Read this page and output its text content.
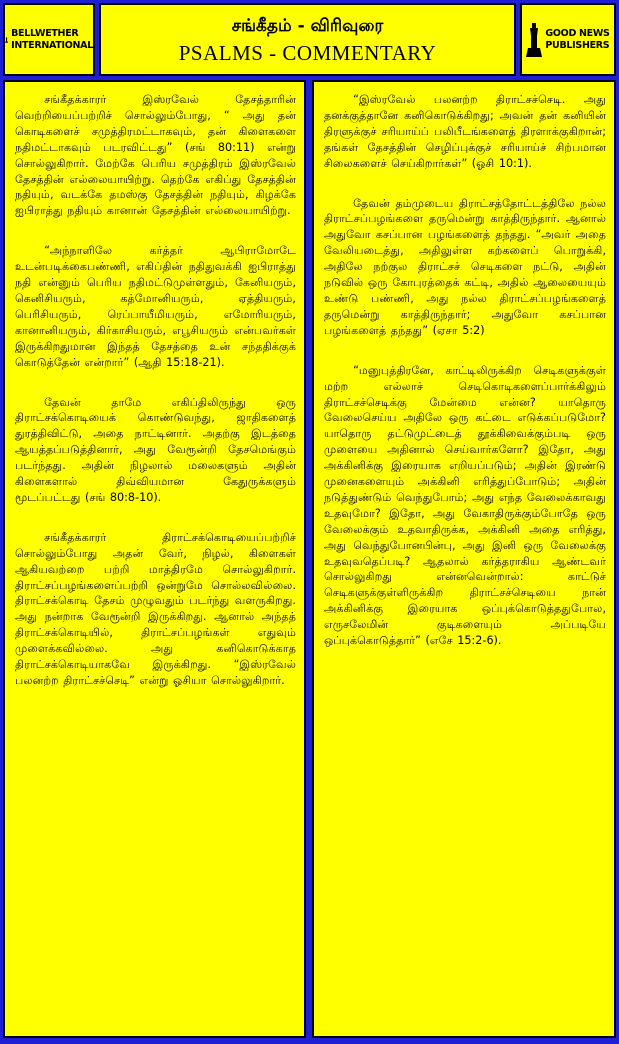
BELLWETHER
INTERNATIONAL
சங்கீதம் - விரிவுரை
PSALMS - COMMENTARY
GOOD NEWS
PUBLISHERS

சங்கீதக்காரர் இஸ்ரவேல் தேசத்தாரின் வெற்றியைப்பற்றிச் சொல்லும்போது, “ அது தன் கொடிகளைச் சமுத்திரமட்டாகவும், தன் கிளைகளை நதிமட்டாகவும் படரவிட்டது” (சங் 80:11) என்று சொல்லுகிறார். மேற்கே பெரிய சமுத்திரம் இஸ்ரவேல் தேசத்தின் எல்லையாயிற்று. தெற்கே எகிப்து தேசத்தின் நதியும், வடக்கே தமஸ்கு தேசத்தின் நதியும், கிழக்கே ஐபிராத்து நதியும் கானான் தேசத்தின் எல்லையாயிற்று.

“அந்நாளிலே கர்த்தர் ஆபிராமோடே உடன்படிக்கைபண்ணி, எகிப்தின் நதிதுவக்கி ஐபிராத்து நதி என்னும் பெரிய நதிமட்டுமுள்ளதும், கேனியரும், கெனிசியரும், கத்மோனியரும், ஏத்தியரும், பெரிசியரும், ரெப்பாயீமியரும், எமோரியரும், கானானியரும், கிர்காசியரும், எபூசியரும் என்பவர்கள் இருக்கிறதுமான இந்தத் தேசத்தை உன் சந்ததிக்குக் கொடுத்தேன் என்றார்” (ஆதி 15:18-21).

தேவன் தாமே எகிப்திலிருந்து ஒரு திராட்சக்கொடியைக் கொண்டுவந்து, ஜாதிகளைத் துரத்திவிட்டு, அதை நாட்டினார். அதற்கு இடத்தை ஆயத்தப்படுத்தினார், அது வேரூன்றி தேசமெங்கும் படர்ந்தது. அதின் நிழலால் மலைகளும் அதின் கிளைகளால் திவ்வியமான கேதுருக்களும் மூடப்பட்டது (சங் 80:8-10).

சங்கீதக்காரர் திராட்சக்கொடியைப்பற்றிச் சொல்லும்போது அதன் வேர், நிழல், கிளைகள் ஆகியவற்றை பற்றி மாத்திரமே சொல்லுகிறார். திராட்சப்பழங்களைப்பற்றி ஒன்றுமே சொல்லவில்லை. திராட்சக்கொடி தேசம் முழுவதும் படர்ந்து வளருகிறது. அது நன்றாக வேரூன்றி இருக்கிறது. ஆனால் அந்தத் திராட்சக்கொடியில், திராட்சப்பழங்கள் எதுவும் முளைக்கவில்லை. அது கனிகொடுக்காத திராட்சக்கொடியாகவே இருக்கிறது. “இஸ்ரவேல் பலனற்ற திராட்சச்செடி” என்று ஓசியா சொல்லுகிறார்.

“இஸ்ரவேல் பலனற்ற திராட்சச்செடி. அது தனக்குத்தானே கனிகொடுக்கிறது; அவன் தன் கனியின் திரளுக்குச் சரியாய்ப் பலிபீடங்களைத் திரளாக்குகிறான்; தங்கள் தேசத்தின் செழிப்புக்குச் சரியாய்ச் சிற்பமான சிலைகளைச் செய்கிறார்கள்” (ஓசி 10:1).

தேவன் தம்முடைய திராட்சத்தோட்டத்திலே நல்ல திராட்சப்பழங்களை தருமென்று காத்திருந்தார். ஆனால் அதுவோ கசப்பான பழங்களைத் தந்தது. “அவர் அதை வேலியடைத்து, அதிலுள்ள கற்களைப் பொறுக்கி, அதிலே நற்குல திராட்சச் செடிகளை நட்டு, அதின் நடுவில் ஒரு கோபுரத்தைக் கட்டி, அதில் ஆலையையும் உண்டு பண்ணி, அது நல்ல திராட்சப்பழங்களைத் தருமென்று காத்திருந்தார்; அதுவோ கசப்பான பழங்களைத் தந்தது” (ஏசா 5:2)

“மனுபுத்திரனே, காட்டிலிருக்கிற செடிகளுக்குள் மற்ற எல்லாச் செடிகொடிகளைப்பார்க்கிலும் திராட்சச்செடிக்கு மேன்மை என்ன? யாதொரு வேலைசெய்ய அதிலே ஒரு கட்டை எடுக்கப்படுமோ? யாதொரு தட்டுமுட்டைத் தூக்கிவைக்கும்படி ஒரு முளையை அதினால் செய்வார்களோ? இதோ, அது அக்கினிக்கு இரையாக எறியப்படும்; அதின் இரண்டு முனைகளையும் அக்கினி எரித்துப்போடும்; அதின் நடுத்துண்டும் வெந்துபோம்; அது எந்த வேலைக்காவது உதவுமோ? இதோ, அது வேகாதிருக்கும்போதே ஒரு வேலைக்கும் உதவாதிருக்க, அக்கினி அதை எரித்து, அது வெந்துபோனபின்பு, அது இனி ஒரு வேலைக்கு உதவுவதெப்படி? ஆதலால் கர்த்தராகிய ஆண்டவர் சொல்லுகிறது என்னவென்றால்: காட்டுச் செடிகளுக்குள்ளிருக்கிற திராட்சச்செடியை நான் அக்கினிக்கு இரையாக ஒப்புக்கொடுத்ததுபோல, எருசலேமின் குடிகளையும் அப்படியே ஒப்புக்கொடுத்தார்” (எசே 15:2-6).
